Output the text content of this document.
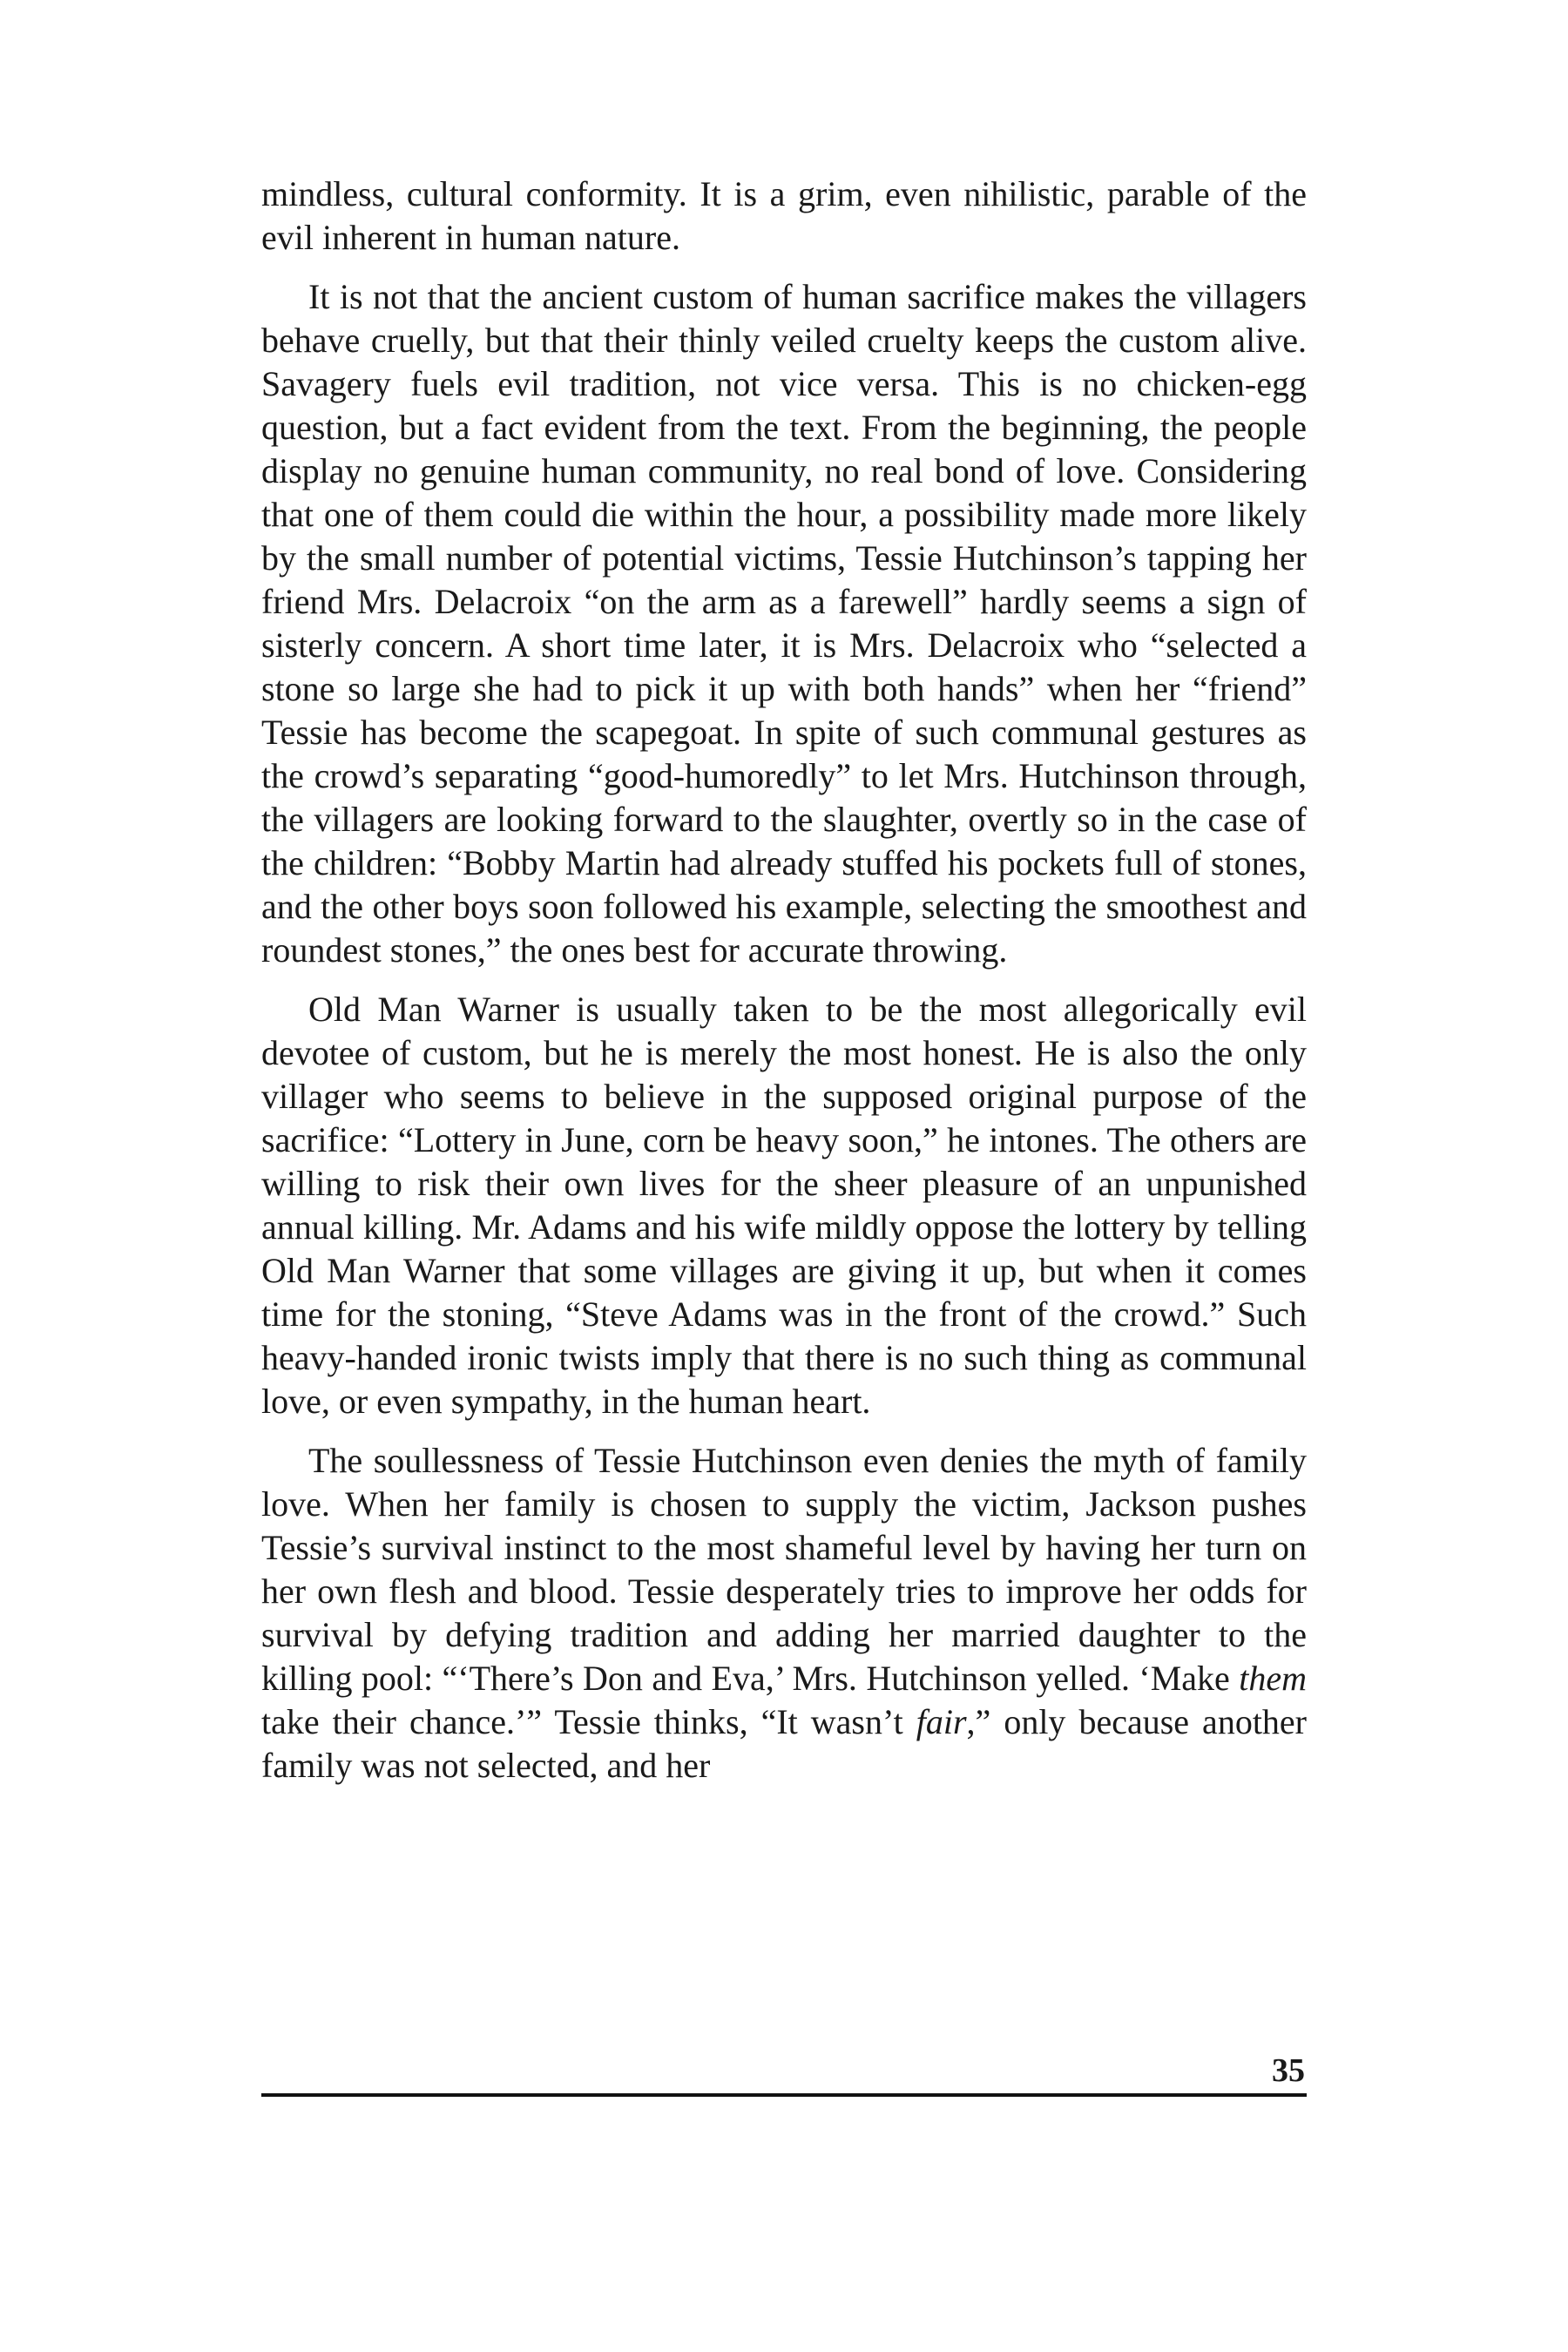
mindless, cultural conformity. It is a grim, even nihilistic, parable of the evil inherent in human nature.

It is not that the ancient custom of human sacrifice makes the villagers behave cruelly, but that their thinly veiled cruelty keeps the custom alive. Savagery fuels evil tradition, not vice versa. This is no chicken-egg question, but a fact evident from the text. From the beginning, the people display no genuine human community, no real bond of love. Considering that one of them could die within the hour, a possibility made more likely by the small number of potential victims, Tessie Hutchinson’s tapping her friend Mrs. Delacroix “on the arm as a farewell” hardly seems a sign of sisterly concern. A short time later, it is Mrs. Delacroix who “selected a stone so large she had to pick it up with both hands” when her “friend” Tessie has become the scapegoat. In spite of such communal gestures as the crowd’s separating “good-humoredly” to let Mrs. Hutchinson through, the villagers are looking forward to the slaughter, overtly so in the case of the children: “Bobby Martin had already stuffed his pockets full of stones, and the other boys soon followed his example, selecting the smoothest and roundest stones,” the ones best for accurate throwing.

Old Man Warner is usually taken to be the most allegorically evil devotee of custom, but he is merely the most honest. He is also the only villager who seems to believe in the supposed original purpose of the sacrifice: “Lottery in June, corn be heavy soon,” he intones. The others are willing to risk their own lives for the sheer pleasure of an unpunished annual killing. Mr. Adams and his wife mildly oppose the lottery by telling Old Man Warner that some villages are giving it up, but when it comes time for the stoning, “Steve Adams was in the front of the crowd.” Such heavy-handed ironic twists imply that there is no such thing as communal love, or even sympathy, in the human heart.

The soullessness of Tessie Hutchinson even denies the myth of family love. When her family is chosen to supply the victim, Jackson pushes Tessie’s survival instinct to the most shameful level by having her turn on her own flesh and blood. Tessie desperately tries to improve her odds for survival by defying tradition and adding her married daughter to the killing pool: “‘There’s Don and Eva,’ Mrs. Hutchinson yelled. ‘Make them take their chance.’” Tessie thinks, “It wasn’t fair,” only because another family was not selected, and her

35
